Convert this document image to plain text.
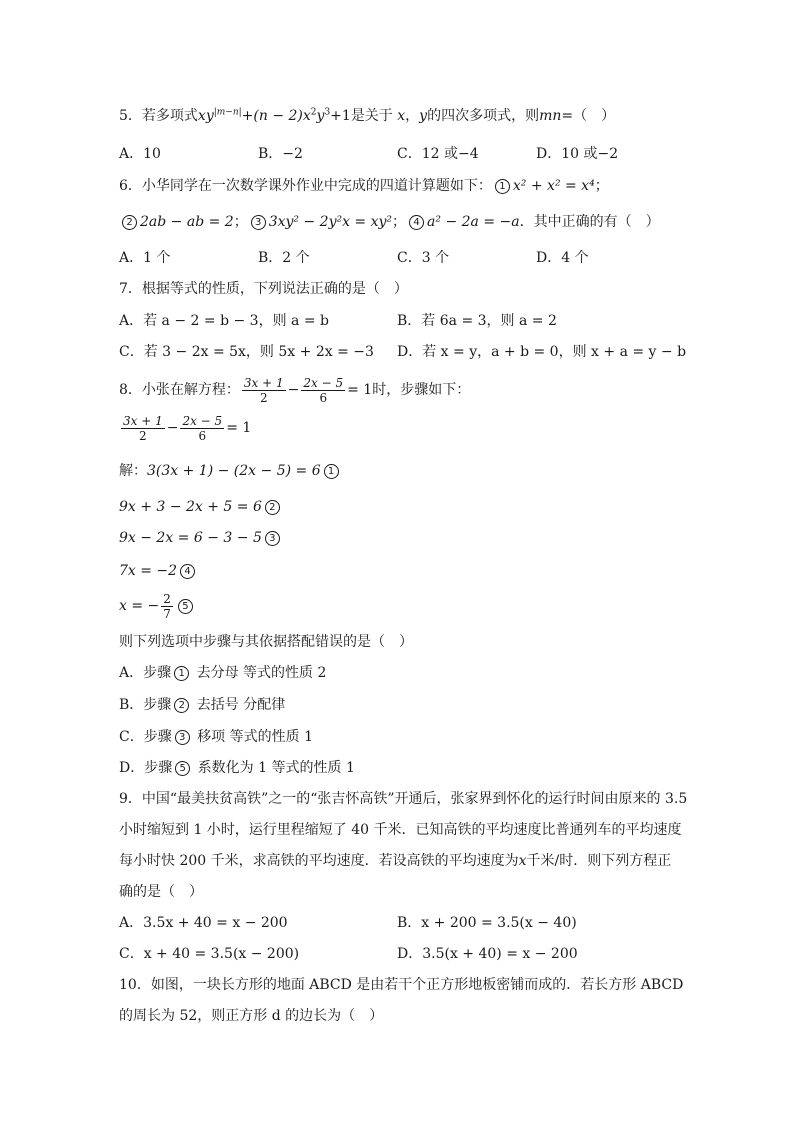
5．若多项式$xy^{|m-n|}+(n - 2)x^2y^3+1$是关于 x，y的四次多项式，则mn=（　）
A．10	B．−2	C．12 或−4	D．10 或−2
6．小华同学在一次数学课外作业中完成的四道计算题如下： 1 x² + x² = x⁴；
2 2ab − ab = 2； 3 3xy² − 2y²x = xy²； 4 a² − 2a = −a．其中正确的有（　）
A．1 个	B．2 个	C．3 个	D．4 个
7．根据等式的性质，下列说法正确的是（　）
A．若 a − 2 = b − 3，则 a = b	B．若 6a = 3，则 a = 2
C．若 3 − 2x = 5x，则 5x + 2x = −3 D．若 x = y，a + b = 0，则 x + a = y − b
8．小张在解方程： $\frac{3x + 1}{2} - \frac{2x - 5}{6} = 1$时，步骤如下：
$\frac{3x + 1}{2} - \frac{2x - 5}{6} = 1$
解：3(3x + 1) − (2x − 5) = 6 1
9x + 3 − 2x + 5 = 6 2
9x − 2x = 6 − 3 − 5 3
7x = −2 4
x = − $\frac{2}{7} 5$
则下列选项中步骤与其依据搭配错误的是（　）
A．步骤 1 去分母 等式的性质 2
B．步骤 2 去括号 分配律
C．步骤 3 移项 等式的性质 1
D．步骤 5 系数化为 1 等式的性质 1
9．中国“最美扶贫高铁”之一的“张吉怀高铁”开通后，张家界到怀化的运行时间由原来的 3.5
小时缩短到 1 小时，运行里程缩短了 40 千米．已知高铁的平均速度比普通列车的平均速度
每小时快 200 千米，求高铁的平均速度．若设高铁的平均速度为x千米/时．则下列方程正
确的是（　）
A．3.5x + 40 = x − 200	B．x + 200 = 3.5(x − 40)
C．x + 40 = 3.5(x − 200)	D．3.5(x + 40) = x − 200
10．如图，一块长方形的地面 ABCD 是由若干个正方形地板密铺而成的．若长方形 ABCD
的周长为 52，则正方形 d 的边长为（　）
